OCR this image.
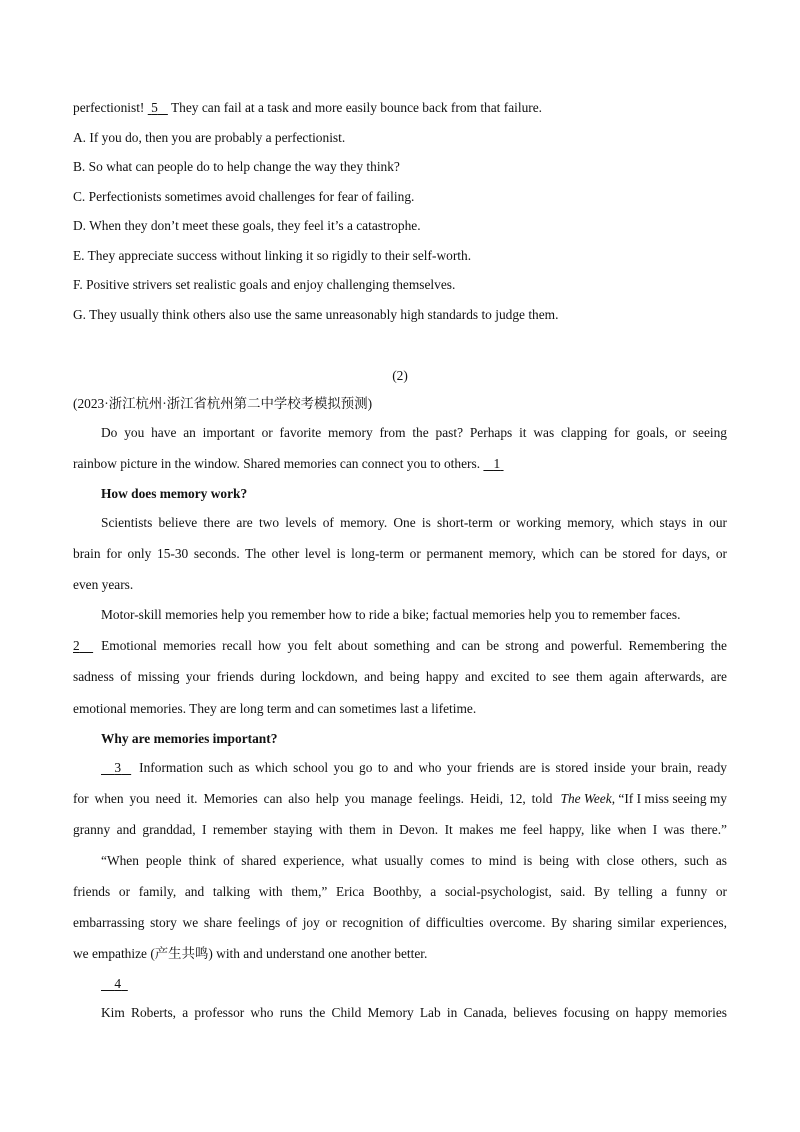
perfectionist! 5 They can fail at a task and more easily bounce back from that failure.
A. If you do, then you are probably a perfectionist.
B. So what can people do to help change the way they think?
C. Perfectionists sometimes avoid challenges for fear of failing.
D. When they don’t meet these goals, they feel it’s a catastrophe.
E. They appreciate success without linking it so rigidly to their self-worth.
F. Positive strivers set realistic goals and enjoy challenging themselves.
G. They usually think others also use the same unreasonably high standards to judge them.
(2)
(2023·浙江杭州·浙江省杭州第二中学校考模拟预测)
Do you have an important or favorite memory from the past? Perhaps it was clapping for goals, or seeing
rainbow picture in the window. Shared memories can connect you to others. 1
How does memory work?
Scientists believe there are two levels of memory. One is short-term or working memory, which stays in our
brain for only 15-30 seconds. The other level is long-term or permanent memory, which can be stored for days, or
even years.
Motor-skill memories help you remember how to ride a bike; factual memories help you to remember faces.
2	Emotional memories recall how you felt about something and can be strong and powerful. Remembering the
sadness of missing your friends during lockdown, and being happy and excited to see them again afterwards, are
emotional memories. They are long term and can sometimes last a lifetime.
Why are memories important?
3	Information such as which school you go to and who your friends are is stored inside your brain, ready
for when you need it. Memories can also help you manage feelings. Heidi, 12, told The Week , “If I miss seeing my
granny and granddad, I remember staying with them in Devon. It makes me feel happy, like when I was there.”
“When people think of shared experience, what usually comes to mind is being with close others, such as
friends or family, and talking with them,” Erica Boothby, a social-psychologist, said. By telling a funny or
embarrassing story we share feelings of joy or recognition of difficulties overcome. By sharing similar experiences,
we empathize (产生共鸣) with and understand one another better.
4
Kim Roberts, a professor who runs the Child Memory Lab in Canada, believes focusing on happy memories
